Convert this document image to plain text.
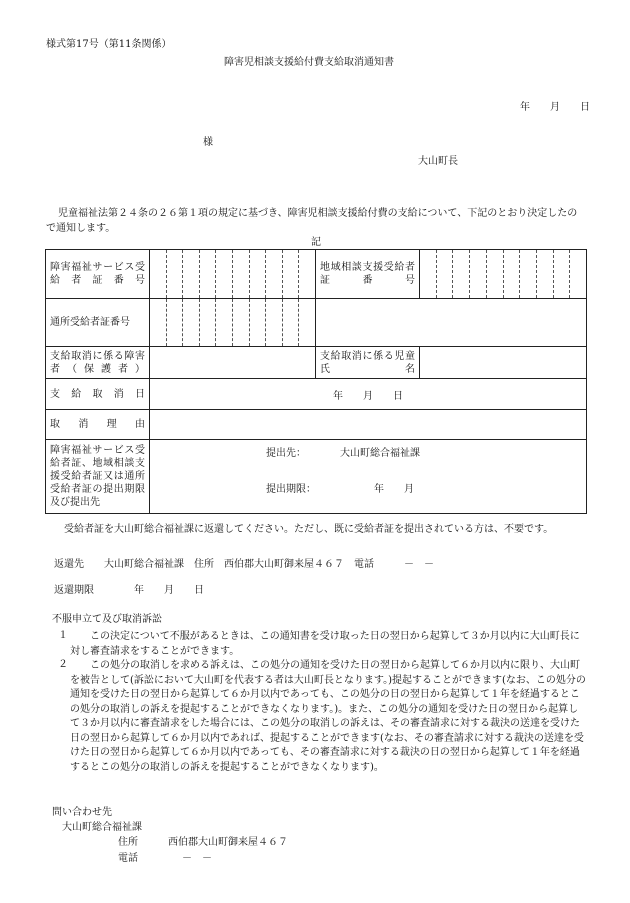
様式第17号（第11条関係）
障害児相談支援給付費支給取消通知書
年　　月　　日
様
大山町長
児童福祉法第２４条の２６第１項の規定に基づき、障害児相談支援給付費の支給について、下記のとおり決定したので通知します。
記
障害福祉サービス受給者証番号		地域相談支援受給者証番号	

通所受給者証番号		

支給取消に係る障害者（保護者）		支給取消に係る児童氏名	
支給取消日	年　　月　　日		
取消理由			
障害福祉サービス受給者証、地域相談支援受給者証又は通所受給者証の提出期限及び提出先	提出先： 大山町総合福祉課
提出期限： 年　　月		
受給者証を大山町総合福祉課に返還してください。ただし、既に受給者証を提出されている方は、不要です。
返還先　　大山町総合福祉課　住所　西伯郡大山町御来屋４６７　電話　　　－　－
返還期限　　　　年　　月　　日
不服申立て及び取消訴訟
１	この決定について不服があるときは、この通知書を受け取った日の翌日から起算して３か月以内に大山町長に対し審査請求をすることができます。
２	この処分の取消しを求める訴えは、この処分の通知を受けた日の翌日から起算して６か月以内に限り、大山町を被告として(訴訟において大山町を代表する者は大山町長となります。)提起することができます(なお、この処分の通知を受けた日の翌日から起算して６か月以内であっても、この処分の日の翌日から起算して１年を経過するとこの処分の取消しの訴えを提起することができなくなります。)。また、この処分の通知を受けた日の翌日から起算して３か月以内に審査請求をした場合には、この処分の取消しの訴えは、その審査請求に対する裁決の送達を受けた日の翌日から起算して６か月以内であれば、提起することができます(なお、その審査請求に対する裁決の送達を受けた日の翌日から起算して６か月以内であっても、その審査請求に対する裁決の日の翌日から起算して１年を経過するとこの処分の取消しの訴えを提起することができなくなります)。
問い合わせ先
大山町総合福祉課
住所	西伯郡大山町御来屋４６７
電話	－　－
